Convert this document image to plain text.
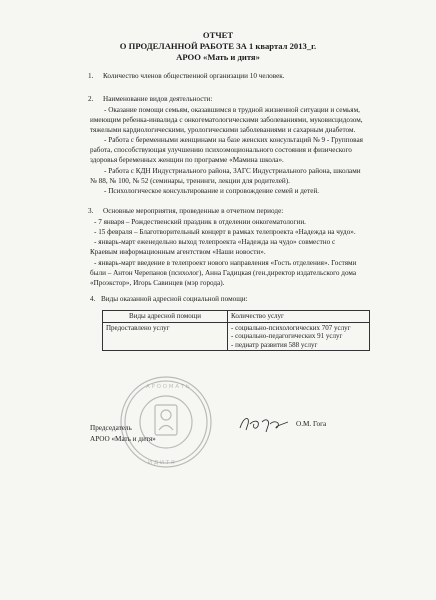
ОТЧЕТ
О ПРОДЕЛАННОЙ РАБОТЕ ЗА 1 квартал 2013_г.
АРОО «Мать и дитя»
1. Количество членов общественной организации 10 человек.
2. Наименование видов деятельности:
- Оказание помощи семьям, оказавшимся в трудной жизненной ситуации и семьям,
имеющим ребенка-инвалида с онкогематологическими заболеваниями, муковисцидозом,
тяжелыми кардиологическими, урологическими заболеваниями и сахарным диабетом.
- Работа с беременными женщинами на базе женских консультаций № 9 - Групповая
работа, способствующая улучшению психоэмоционального состояния и физического
здоровья беременных женщин по программе «Мамина школа».
- Работа с КДН Индустриального района, ЗАГС Индустриального района, школами
№ 88, № 100, № 52 (семинары, тренинги, лекции для родителей).
- Психологическое консультирование и сопровождение семей и детей.
3. Основные мероприятия, проведенные в отчетном периоде:
- 7 января – Рождественский праздник в отделении онкогематологии.
- 15 февраля – Благотворительный концерт в рамках телепроекта «Надежда на чудо».
- январь-март еженедельно выход телепроекта «Надежда на чудо» совместно с
Краевым информационным агентством «Наши новости».
- январь-март введение в телепроект нового направления «Гость отделения». Гостями
были – Антон Черепанов (психолог), Анна Гадицкая (ген.директор издательского дома
«Проэкстор», Игорь Савинцев (мэр города).
4. Виды оказанной адресной социальной помощи:
Виды адресной помощи	Количество услуг
Предоставлено услуг	- социально-психологических 707 услуг
- социально-педагогических 91 услуг
- педиатр развития 588 услуг
А Р О О М А Т Ь
И Д И Т Я
Председатель
АРОО «Мать и дитя»
О.М. Гога
